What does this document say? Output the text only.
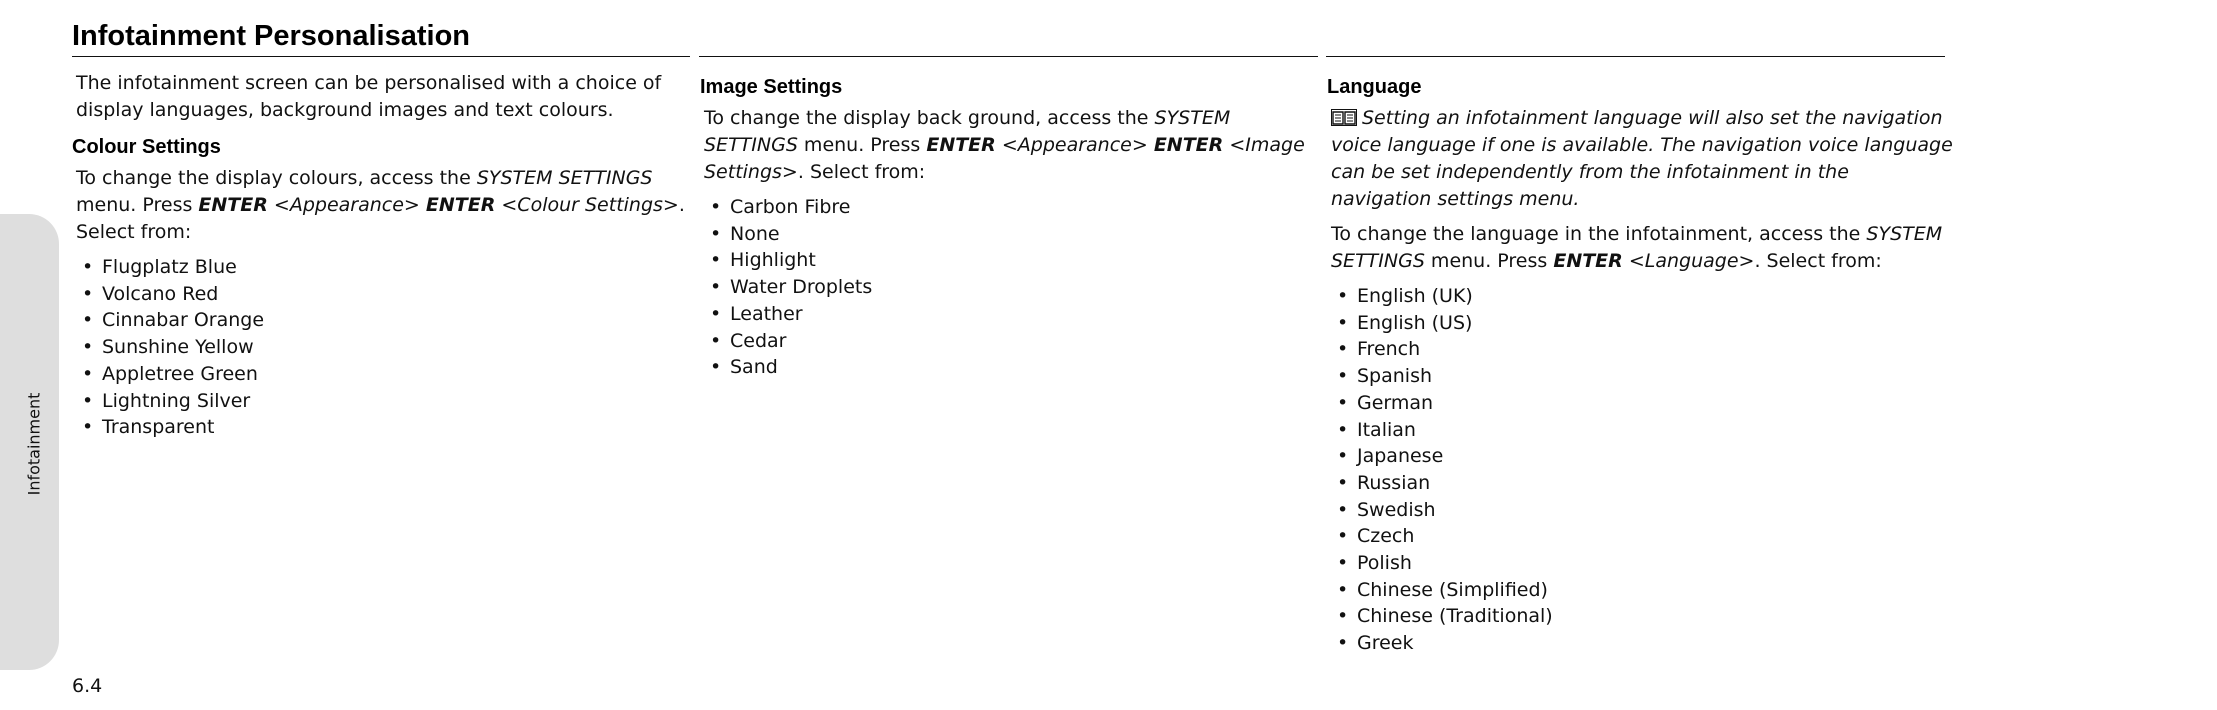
Infotainment Personalisation
Infotainment

The infotainment screen can be personalised with a choice of display languages, background images and text colours.

Colour Settings

To change the display colours, access the SYSTEM SETTINGS menu. Press ENTER <Appearance> ENTER <Colour Settings>. Select from:

• Flugplatz Blue
• Volcano Red
• Cinnabar Orange
• Sunshine Yellow
• Appletree Green
• Lightning Silver
• Transparent
Image Settings

To change the display back ground, access the SYSTEM SETTINGS menu. Press ENTER <Appearance> ENTER <Image Settings>. Select from:

• Carbon Fibre
• None
• Highlight
• Water Droplets
• Leather
• Cedar
• Sand
Language

Setting an infotainment language will also set the navigation voice language if one is available. The navigation voice language can be set independently from the infotainment in the navigation settings menu.

To change the language in the infotainment, access the SYSTEM SETTINGS menu. Press ENTER <Language>. Select from:

• English (UK)
• English (US)
• French
• Spanish
• German
• Italian
• Japanese
• Russian
• Swedish
• Czech
• Polish
• Chinese (Simplified)
• Chinese (Traditional)
• Greek
6.4
